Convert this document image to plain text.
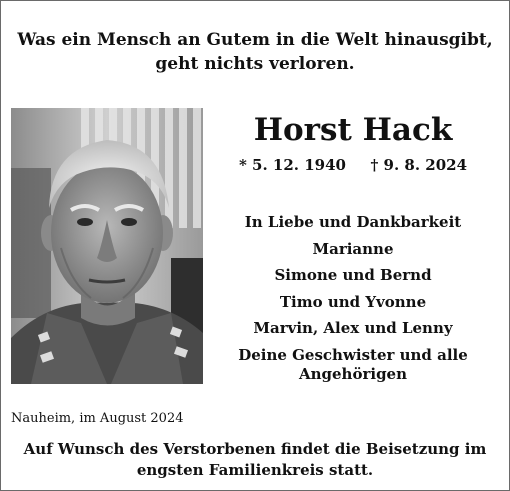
Was ein Mensch an Gutem in die Welt hinausgibt,
geht nichts verloren.
Horst Hack
* 5. 12. 1940 † 9. 8. 2024
In Liebe und Dankbarkeit
Marianne
Simone und Bernd
Timo und Yvonne
Marvin, Alex und Lenny
Deine Geschwister und alle
Angehörigen
Nauheim, im August 2024
Auf Wunsch des Verstorbenen findet die Beisetzung im
engsten Familienkreis statt.
